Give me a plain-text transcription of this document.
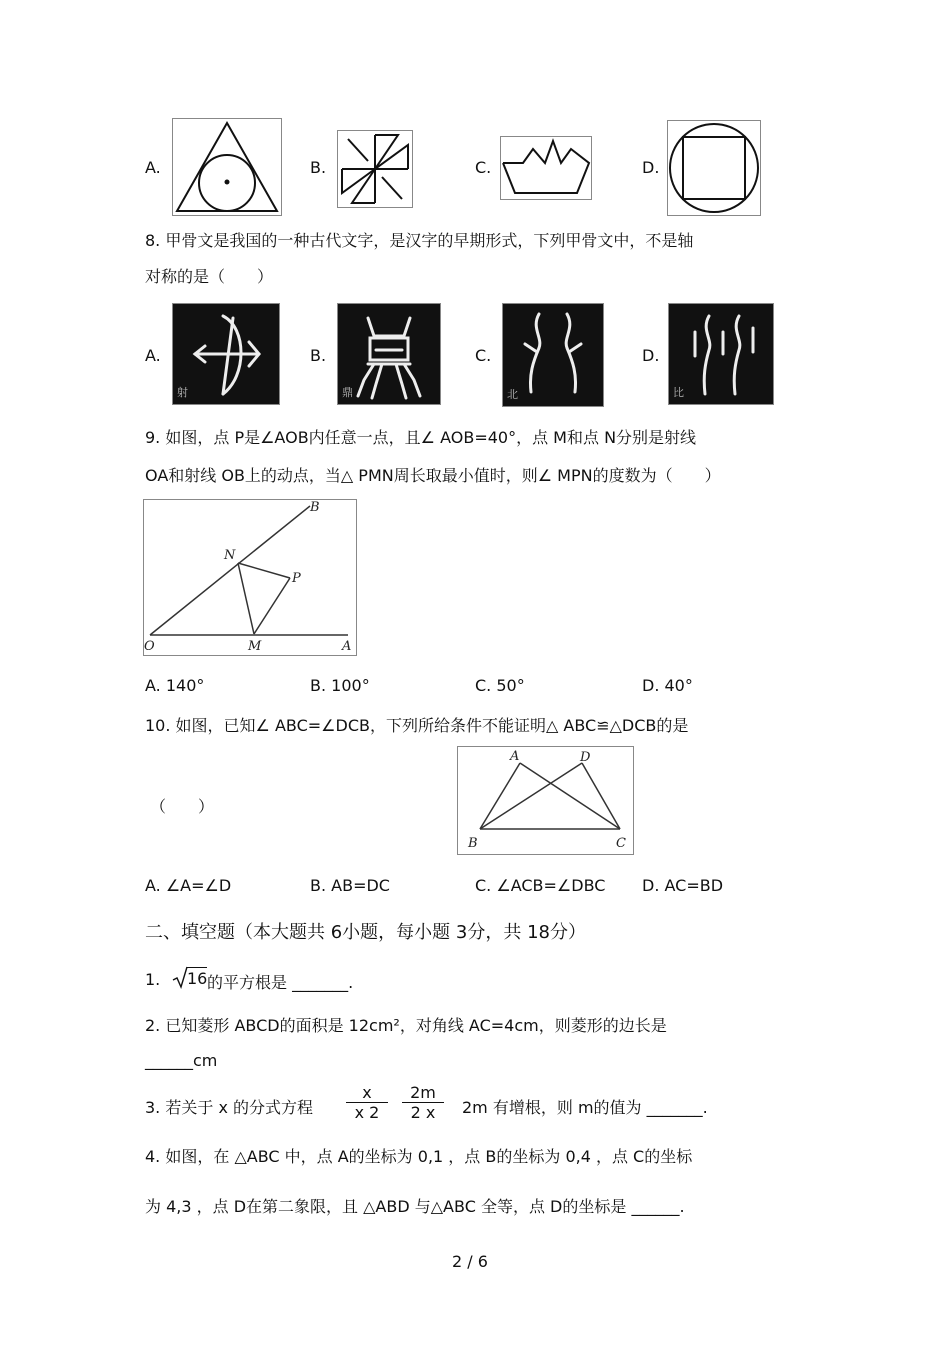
A.	B.	C.	D.
8. 甲骨文是我国的一种古代文字，是汉字的早期形式，下列甲骨文中，不是轴
对称的是（　　）
A.
射
B.
鼎
C.
北
D.
比
9. 如图，点 P是∠AOB内任意一点，且∠ AOB=40°，点 M和点 N分别是射线
OA和射线 OB上的动点，当△ PMN周长取最小值时，则∠ MPN的度数为（　　）
B
N
P
O	M	A
A. 140°	B. 100°	C. 50°	D. 40°
10. 如图，已知∠ ABC=∠DCB，下列所给条件不能证明△ ABC≌△DCB的是
（　　）
A	D
B	C
A. ∠A=∠D	B. AB=DC	C. ∠ACB=∠DBC D. AC=BD
二、填空题（本大题共 6小题，每小题 3分，共 18分）
1. 16 的平方根是 _______.
2. 已知菱形 ABCD的面积是 12cm²，对角线 AC=4cm，则菱形的边长是
______cm
3. 若关于 x 的分式方程 $\frac{x}{x 2} \frac{2m}{2 x} 2m$ 有增根，则 m的值为 _______.
4. 如图，在 △ABC 中，点 A的坐标为 0,1 ，点 B的坐标为 0,4 ，点 C的坐标
为 4,3 ，点 D在第二象限，且 △ABD 与△ABC 全等，点 D的坐标是 ______.
2 / 6
